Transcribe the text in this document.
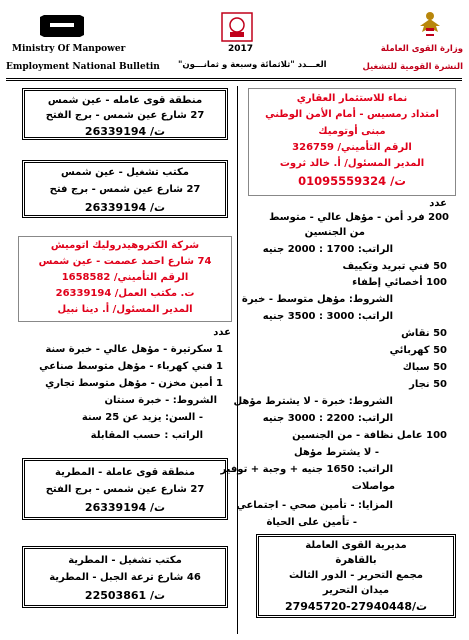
Ministry Of Manpower
Employment National Bulletin
2017
العـــدد "ثلاثمائة وسبعة و ثمانـــون"
وزارة القوى العاملة
النشرة القومية للتشغيل
منطقة قوى عامله - عين شمس
27 شارع عين شمس - برج الفتح
ت/ 26339194
مكتب تشغيل - عين شمس
27 شارع عين شمس - برج فتح
ت/ 26339194
شركة الكتروهيدروليك اتوميش
74 شارع احمد عصمت - عين شمس
الرقم التأميني/ 1658582
ت. مكتب العمل/ 26339194
المدير المسئول/ أ. دينا نبيل
عدد
1 سكرتيرة - مؤهل عالي - خبرة سنة
1 فني كهرباء - مؤهل متوسط صناعي
1 أمين مخزن - مؤهل متوسط تجاري
الشروط: - خبرة سنتان
- السن: يزيد عن 25 سنة
الراتب : حسب المقابلة
منطقة قوى عاملة - المطرية
27 شارع عين شمس - برج الفتح
ت/ 26339194
مكتب تشغيل - المطرية
46 شارع ترعة الجبل - المطرية
ت/ 22503861
نماء للاستثمار العقاري
امتداد رمسيس - أمام الأمن الوطني
مبنى أوتوميك
الرقم التأميني/ 326759
المدير المسئول/ أ. خالد ثروت
ت/ 01095559324
عدد
200 فرد أمن - مؤهل عالي - متوسط
من الجنسين
الراتب: 1700 : 2000 جنيه
50 فني تبريد وتكييف
100 أخصائي إطفاء
الشروط: مؤهل متوسط - خبرة
الراتب: 3000 : 3500 جنيه
50 نقاش
50 كهربائي
50 سباك
50 نجار
الشروط: خبرة - لا يشترط مؤهل
الراتب: 2200 : 3000 جنيه
100 عامل نظافة - من الجنسين
- لا يشترط مؤهل
الراتب: 1650 جنيه + وجبة + توفير
مواصلات
المزايا: - تأمين صحي - اجتماعي
- تأمين على الحياة
مديرية القوى العاملة
بالقاهرة
مجمع التحرير - الدور الثالث
ميدان التحرير
ت/27940448-27945720
